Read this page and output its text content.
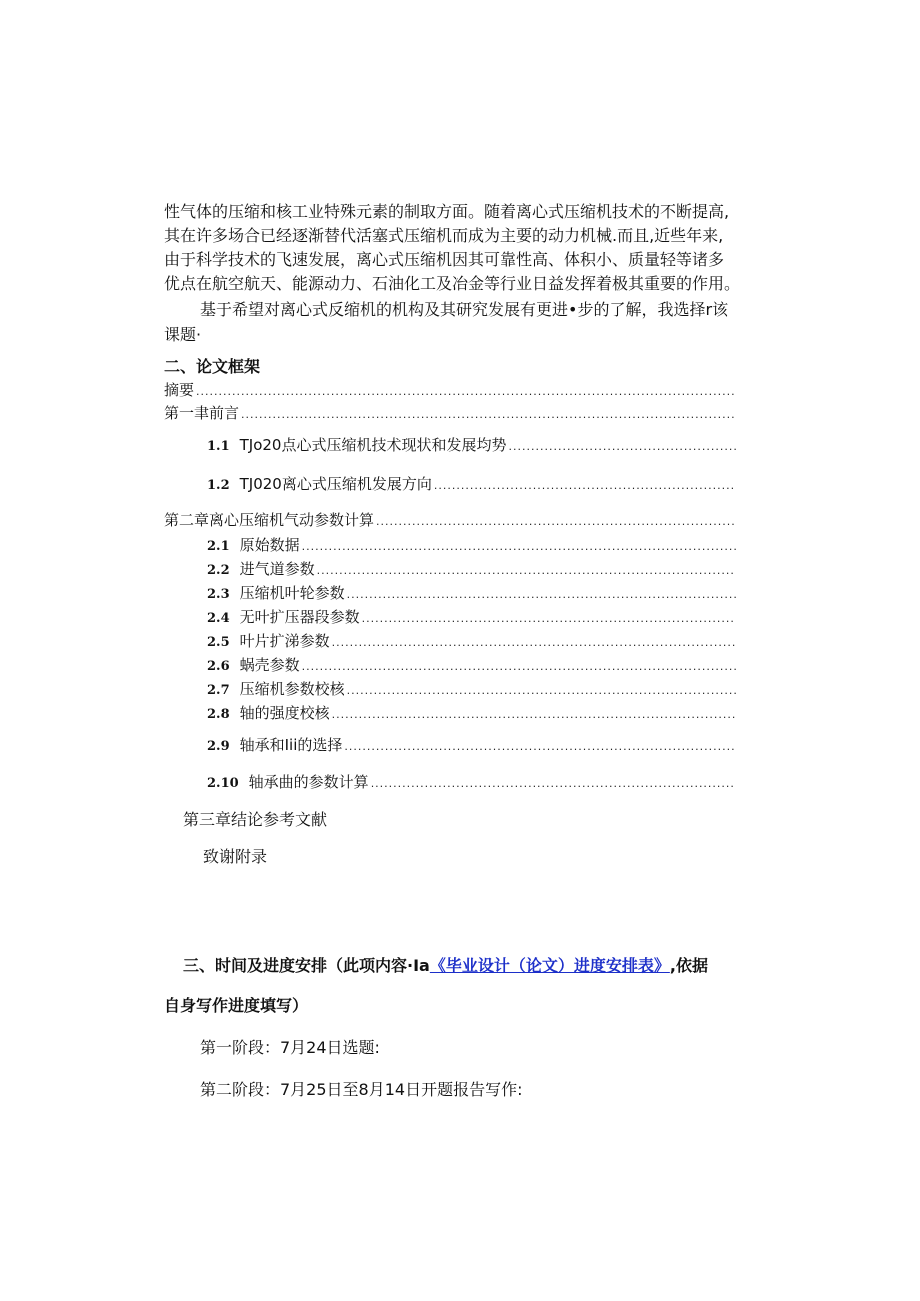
性气体的压缩和核工业特殊元素的制取方面。随着离心式压缩机技术的不断提高,
其在许多场合已经逐渐替代活塞式压缩机而成为主要的动力机械.而且,近些年来,
由于科学技术的飞速发展，离心式压缩机因其可靠性高、体积小、质量轻等诸多
优点在航空航天、能源动力、石油化工及冶金等行业日益发挥着极其重要的作用。
基于希望对离心式反缩机的机构及其研究发展有更进•步的了解，我选择r该
课题·
二、论文框架
摘要
.....
第一聿前言
.....
1.1 TJo20点心式压缩机技术现状和发展均势
.....
1.2 TJ020离心式压缩机发展方向
.....
第二章离心压缩机气动参数计算
.....
2.1 原始数据
.....
2.2 进气道参数
.....
2.3 压缩机叶轮参数
.....
2.4 无叶扩压器段参数
.....
2.5 叶片扩涕参数
.....
2.6 蜗壳参数
.....
2.7 压缩机参数校核
.....
2.8 轴的强度校核
.....
2.9 轴承和Iii的选择
.....
2.10 轴承曲的参数计算
.....
第三章结论参考文献
致谢附录
三、时间及进度安排（此项内容·Ia《毕业设计（论文）进度安排表》,依据
自身写作进度填写）
第一阶段：7月24日选题:
第二阶段：7月25日至8月14日开题报告写作:
